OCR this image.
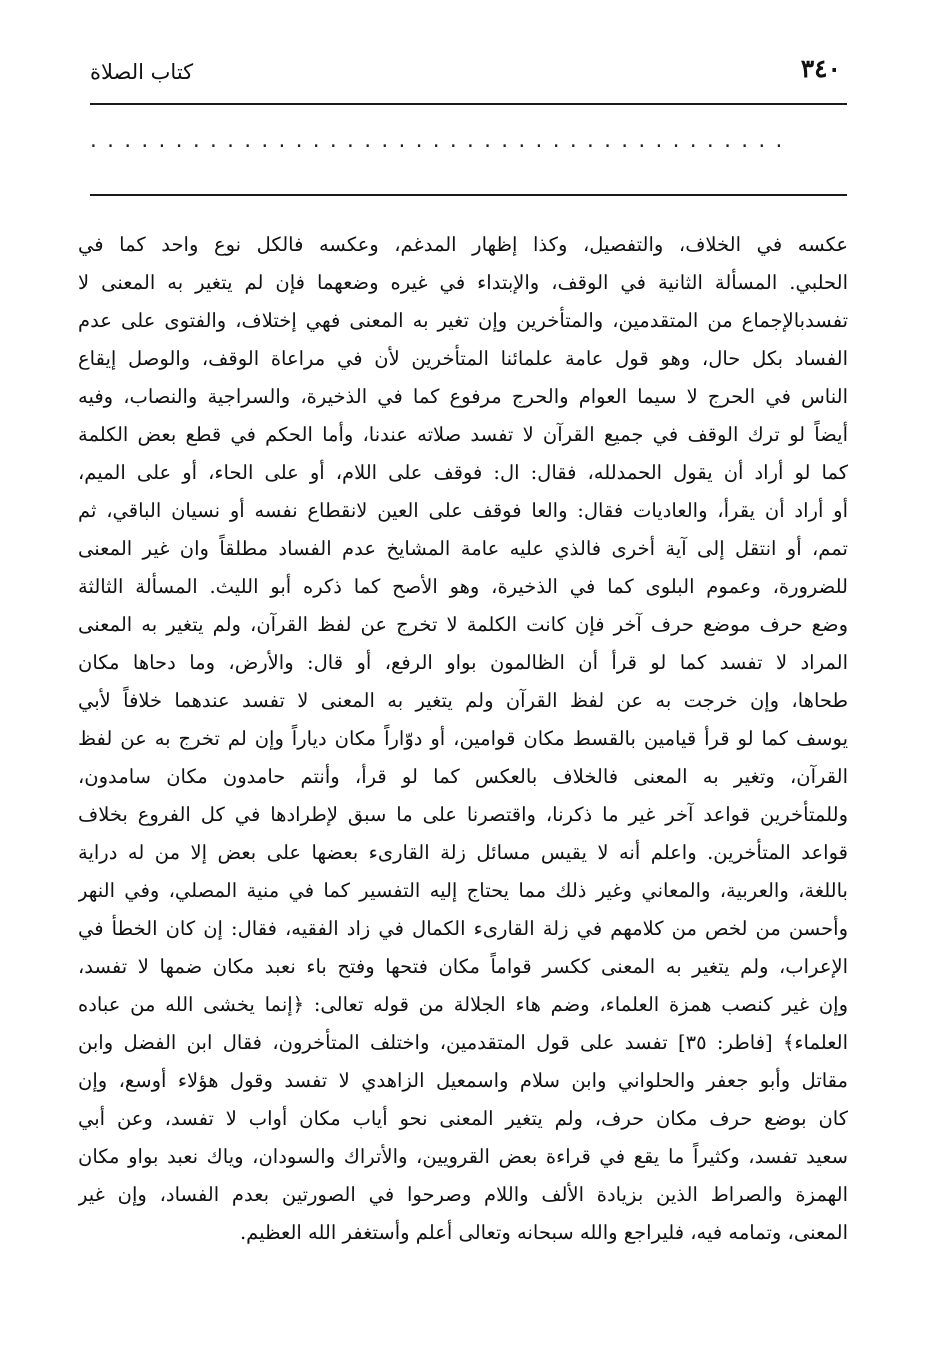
٣٤٠
كتاب الصلاة
.........................................
عكسه في الخلاف، والتفصيل، وكذا إظهار المدغم، وعكسه فالكل نوع واحد كما في
الحلبي. المسألة الثانية في الوقف، والإبتداء في غيره وضعهما فإن لم يتغير به المعنى لا
تفسدبالإجماع من المتقدمين، والمتأخرين وإن تغير به المعنى فهي إختلاف، والفتوى على عدم
الفساد بكل حال، وهو قول عامة علمائنا المتأخرين لأن في مراعاة الوقف، والوصل إيقاع
الناس في الحرج لا سيما العوام والحرج مرفوع كما في الذخيرة، والسراجية والنصاب، وفيه
أيضاً لو ترك الوقف في جميع القرآن لا تفسد صلاته عندنا، وأما الحكم في قطع بعض الكلمة
كما لو أراد أن يقول الحمدلله، فقال: ال: فوقف على اللام، أو على الحاء، أو على الميم،
أو أراد أن يقرأ، والعاديات فقال: والعا فوقف على العين لانقطاع نفسه أو نسيان الباقي، ثم
تمم، أو انتقل إلى آية أخرى فالذي عليه عامة المشايخ عدم الفساد مطلقاً وان غير المعنى
للضرورة، وعموم البلوى كما في الذخيرة، وهو الأصح كما ذكره أبو الليث. المسألة الثالثة
وضع حرف موضع حرف آخر فإن كانت الكلمة لا تخرج عن لفظ القرآن، ولم يتغير به المعنى
المراد لا تفسد كما لو قرأ أن الظالمون بواو الرفع، أو قال: والأرض، وما دحاها مكان
طحاها، وإن خرجت به عن لفظ القرآن ولم يتغير به المعنى لا تفسد عندهما خلافاً لأبي
يوسف كما لو قرأ قيامين بالقسط مكان قوامين، أو دوّاراً مكان دياراً وإن لم تخرج به عن لفظ
القرآن، وتغير به المعنى فالخلاف بالعكس كما لو قرأ، وأنتم حامدون مكان سامدون،
وللمتأخرين قواعد آخر غير ما ذكرنا، واقتصرنا على ما سبق لإطرادها في كل الفروع بخلاف
قواعد المتأخرين. واعلم أنه لا يقيس مسائل زلة القارىء بعضها على بعض إلا من له دراية
باللغة، والعربية، والمعاني وغير ذلك مما يحتاج إليه التفسير كما في منية المصلي، وفي النهر
وأحسن من لخص من كلامهم في زلة القارىء الكمال في زاد الفقيه، فقال: إن كان الخطأ في
الإعراب، ولم يتغير به المعنى ككسر قواماً مكان فتحها وفتح باء نعبد مكان ضمها لا تفسد،
وإن غير كنصب همزة العلماء، وضم هاء الجلالة من قوله تعالى: ﴿إنما يخشى الله من عباده
العلماء﴾ [فاطر: ٣٥] تفسد على قول المتقدمين، واختلف المتأخرون، فقال ابن الفضل وابن
مقاتل وأبو جعفر والحلواني وابن سلام واسمعيل الزاهدي لا تفسد وقول هؤلاء أوسع، وإن
كان بوضع حرف مكان حرف، ولم يتغير المعنى نحو أياب مكان أواب لا تفسد، وعن أبي
سعيد تفسد، وكثيراً ما يقع في قراءة بعض القرويين، والأتراك والسودان، وياك نعبد بواو مكان
الهمزة والصراط الذين بزيادة الألف واللام وصرحوا في الصورتين بعدم الفساد، وإن غير
المعنى، وتمامه فيه، فليراجع والله سبحانه وتعالى أعلم وأستغفر الله العظيم.
